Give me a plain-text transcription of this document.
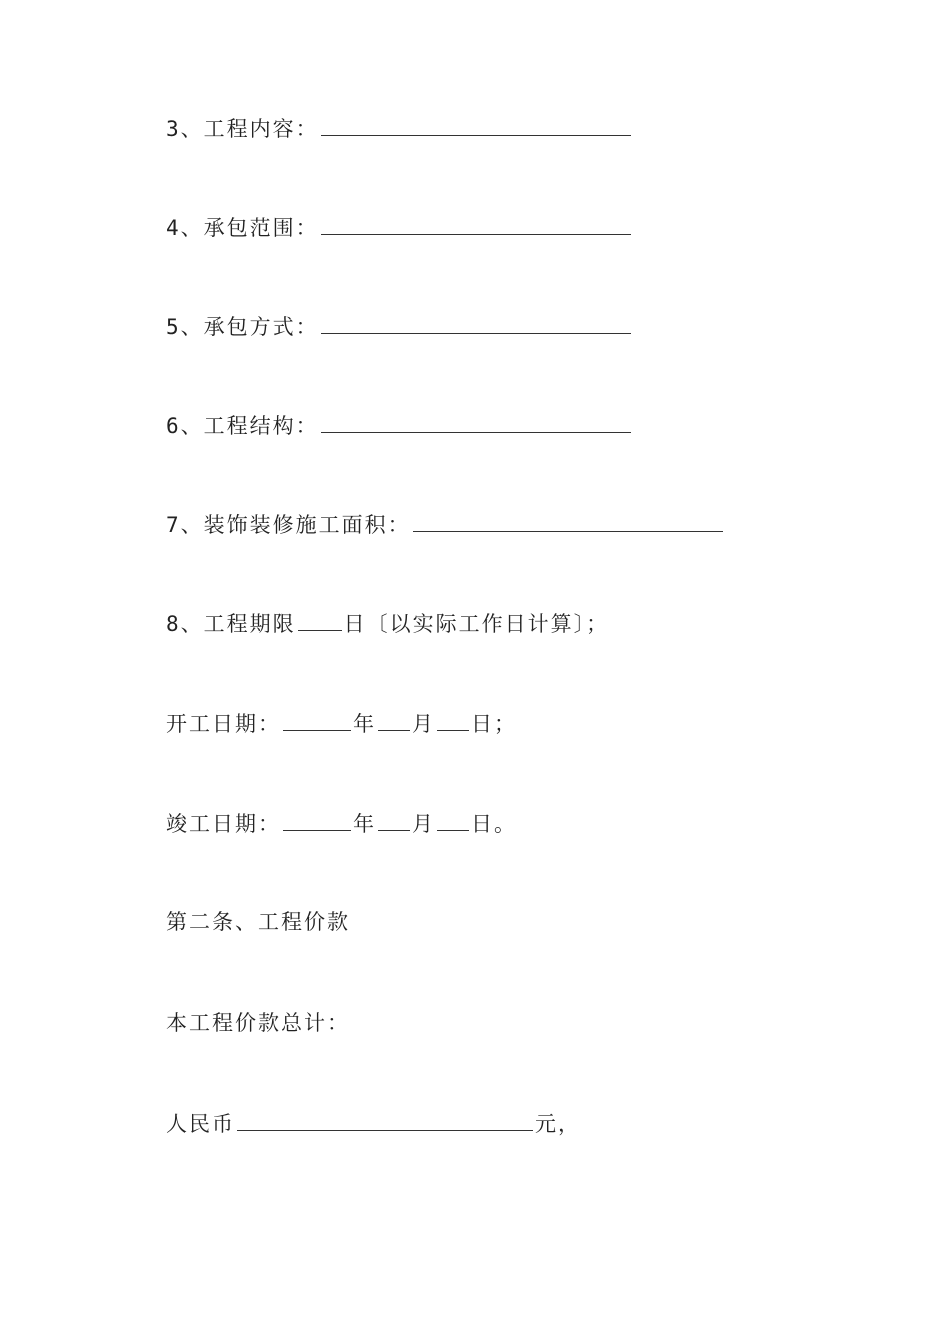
3、工程内容：
4、承包范围：
5、承包方式：
6、工程结构：
7、装饰装修施工面积：
8、工程期限 日〔以实际工作日计算〕；
开工日期：	年 月 日；
竣工日期：	年 月 日。
第二条、工程价款
本工程价款总计：
人民币	元，
